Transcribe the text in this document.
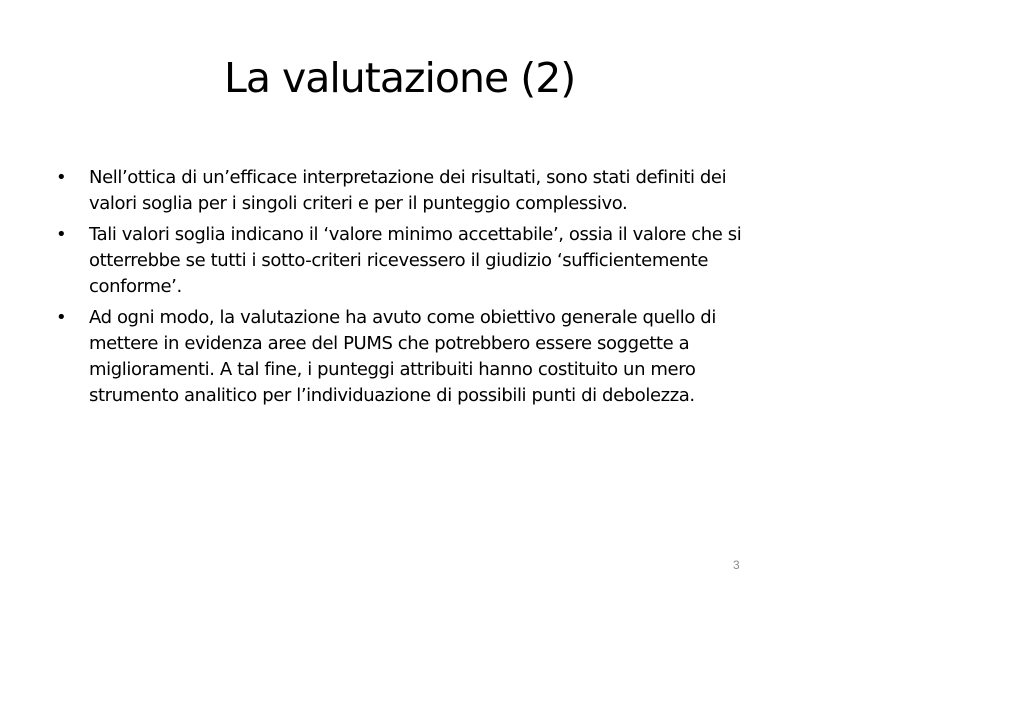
La valutazione (2)
• Nell’ottica di un’efficace interpretazione dei risultati, sono stati definiti dei valori soglia per i singoli criteri e per il punteggio complessivo.
• Tali valori soglia indicano il ‘valore minimo accettabile’, ossia il valore che si otterrebbe se tutti i sotto-criteri ricevessero il giudizio ‘sufficientemente conforme’.
• Ad ogni modo, la valutazione ha avuto come obiettivo generale quello di mettere in evidenza aree del PUMS che potrebbero essere soggette a miglioramenti. A tal fine, i punteggi attribuiti hanno costituito un mero strumento analitico per l’individuazione di possibili punti di debolezza.
3
